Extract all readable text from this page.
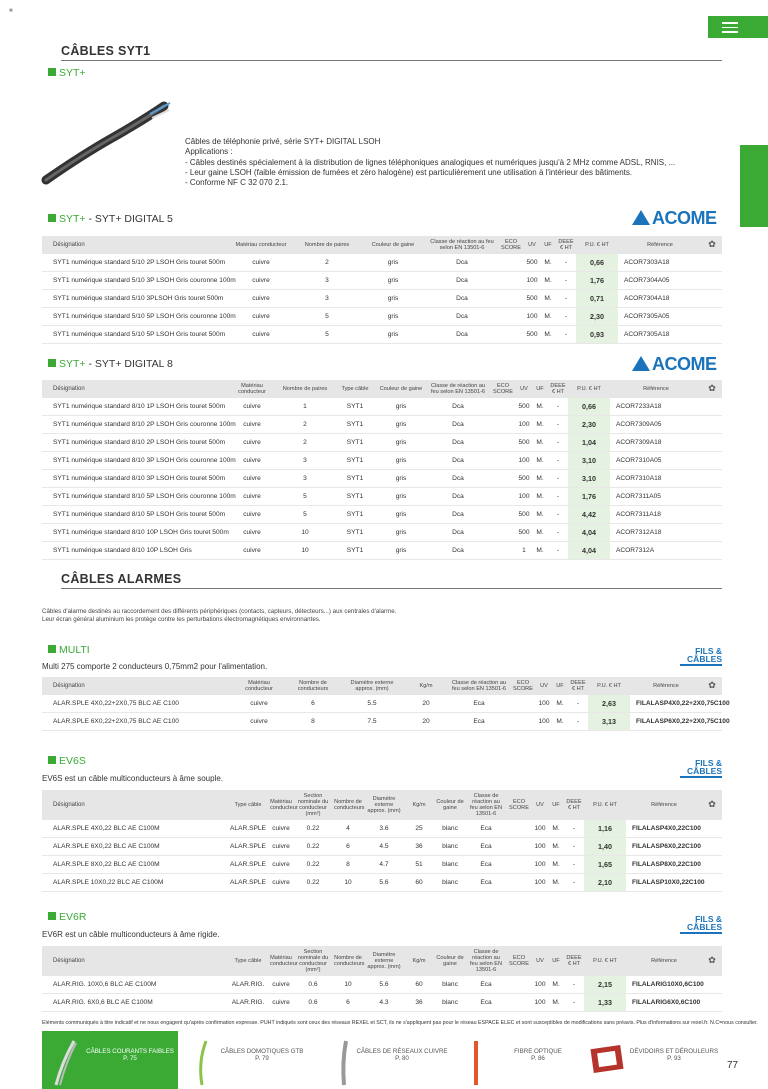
■
CÂBLES SYT1
SYT+
Câbles de téléphonie privé, série SYT+ DIGITAL LSOH
Applications :
- Câbles destinés spécialement à la distribution de lignes téléphoniques analogiques et numériques jusqu'à 2 MHz comme ADSL, RNIS, ...
- Leur gaine LSOH (faible émission de fumées et zéro halogène) est particulièrement une utilisation à l'intérieur des bâtiments.
- Conforme NF C 32 070 2.1.
SYT+ - SYT+ DIGITAL 5	ACOME
Désignation	Matériau conducteur	Nombre de paires	Couleur de gaine	Classe de réaction au feu selon EN 13501-6	ECO SCORE	UV	UF	DEEE € HT	P.U. € HT	Référence	✿
SYT1 numérique standard 5/10 2P LSOH Gris touret 500m	cuivre	2	gris	Dca		500	M.	-	0,66	ACOR7303A18	
SYT1 numérique standard 5/10 3P LSOH Gris couronne 100m	cuivre	3	gris	Dca		100	M.	-	1,76	ACOR7304A05	
SYT1 numérique standard 5/10 3PLSOH Gris touret 500m	cuivre	3	gris	Dca		500	M.	-	0,71	ACOR7304A18	
SYT1 numérique standard 5/10 5P LSOH Gris couronne 100m	cuivre	5	gris	Dca		100	M.	-	2,30	ACOR7305A05	
SYT1 numérique standard 5/10 5P LSOH Gris touret 500m	cuivre	5	gris	Dca		500	M.	-	0,93	ACOR7305A18	
SYT+ - SYT+ DIGITAL 8	ACOME
Désignation	Matériau conducteur	Nombre de paires	Type câble	Couleur de gaine	Classe de réaction au feu selon EN 13501-6	ECO SCORE	UV	UF	DEEE € HT	P.U. € HT	Référence	✿
SYT1 numérique standard 8/10 1P LSOH Gris touret 500m	cuivre	1	SYT1	gris	Dca		500	M.	-	0,66	ACOR7233A18	
SYT1 numérique standard 8/10 2P LSOH Gris couronne 100m	cuivre	2	SYT1	gris	Dca		100	M.	-	2,30	ACOR7309A05	
SYT1 numérique standard 8/10 2P LSOH Gris touret 500m	cuivre	2	SYT1	gris	Dca		500	M.	-	1,04	ACOR7309A18	
SYT1 numérique standard 8/10 3P LSOH Gris couronne 100m	cuivre	3	SYT1	gris	Dca		100	M.	-	3,10	ACOR7310A05	
SYT1 numérique standard 8/10 3P LSOH Gris touret 500m	cuivre	3	SYT1	gris	Dca		500	M.	-	3,10	ACOR7310A18	
SYT1 numérique standard 8/10 5P LSOH Gris couronne 100m	cuivre	5	SYT1	gris	Dca		100	M.	-	1,76	ACOR7311A05	
SYT1 numérique standard 8/10 5P LSOH Gris touret 500m	cuivre	5	SYT1	gris	Dca		500	M.	-	4,42	ACOR7311A18	
SYT1 numérique standard 8/10 10P LSOH Gris touret 500m	cuivre	10	SYT1	gris	Dca		500	M.	-	4,04	ACOR7312A18	
SYT1 numérique standard 8/10 10P LSOH Gris	cuivre	10	SYT1	gris	Dca		1	M.	-	4,04	ACOR7312A	
CÂBLES ALARMES
Câbles d'alarme destinés au raccordement des différents périphériques (contacts, capteurs, détecteurs...) aux centrales d'alarme.
Leur écran général aluminium les protège contre les perturbations électromagnétiques environnantes.
MULTI	FILS &
CÂBLES
Multi 275 comporte 2 conducteurs 0,75mm2 pour l'alimentation.
Désignation	Matériau conducteur	Nombre de conducteurs	Diamètre externe approx. (mm)	Kg/m	Classe de réaction au feu selon EN 13501-6	ECO SCORE	UV	UF	DEEE € HT	P.U. € HT	Référence	✿
ALAR.SPLE 4X0,22+2X0,75 BLC AE C100	cuivre	6	5.5	20	Eca		100	M.	-	2,63	FILALASP4X0,22+2X0,75C100	
ALAR.SPLE 6X0,22+2X0,75 BLC AE C100	cuivre	8	7.5	20	Eca		100	M.	-	3,13	FILALASP6X0,22+2X0,75C100	
EV6S	FILS &
CÂBLES
EV6S est un câble multiconducteurs à âme souple.
Désignation	Type câble	Matériau conducteur	Section nominale du conducteur (mm²)	Nombre de conducteurs	Diamètre externe approx. (mm)	Kg/m	Couleur de gaine	Classe de réaction au feu selon EN 13501-6	ECO SCORE	UV	UF	DEEE € HT	P.U. € HT	Référence	✿
ALAR.SPLE 4X0,22 BLC AE C100M	ALAR.SPLE	cuivre	0.22	4	3.6	25	blanc	Eca		100	M.	-	1,16	FILALASP4X0,22C100	
ALAR.SPLE 6X0,22 BLC AE C100M	ALAR.SPLE	cuivre	0.22	6	4.5	36	blanc	Eca		100	M.	-	1,40	FILALASP6X0,22C100	
ALAR.SPLE 8X0,22 BLC AE C100M	ALAR.SPLE	cuivre	0.22	8	4.7	51	blanc	Eca		100	M.	-	1,65	FILALASP8X0,22C100	
ALAR.SPLE 10X0,22 BLC AE C100M	ALAR.SPLE	cuivre	0.22	10	5.6	60	blanc	Eca		100	M.	-	2,10	FILALASP10X0,22C100	
EV6R	FILS &
CÂBLES
EV6R est un câble multiconducteurs à âme rigide.
Désignation	Type câble	Matériau conducteur	Section nominale du conducteur (mm²)	Nombre de conducteurs	Diamètre externe approx. (mm)	Kg/m	Couleur de gaine	Classe de réaction au feu selon EN 13501-6	ECO SCORE	UV	UF	DEEE € HT	P.U. € HT	Référence	✿
ALAR.RIG. 10X0,6 BLC AE C100M	ALAR.RIG.	cuivre	0.6	10	5.6	60	blanc	Eca		100	M.	-	2,15	FILALARIG10X0,6C100	
ALAR.RIG. 6X0,6 BLC AE C100M	ALAR.RIG.	cuivre	0.6	6	4.3	36	blanc	Eca		100	M.	-	1,33	FILALARIG6X0,6C100	
Eléments communiqués à titre indicatif et ne nous engagent qu'après confirmation expresse. PUHT indiqués sont ceux des réseaux REXEL et SCT, ils ne s'appliquent pas pour le réseau ESPACE ELEC et sont susceptibles de modifications sans préavis. Plus d'informations sur rexel.fr. N.C=nous consulter.
CÂBLES COURANTS FAIBLES
P. 75
CÂBLES DOMOTIQUES GTB
P. 79
CÂBLES DE RÉSEAUX CUIVRE
P. 80
FIBRE OPTIQUE
P. 86
DÉVIDOIRS ET DÉROULEURS
P. 93
77
